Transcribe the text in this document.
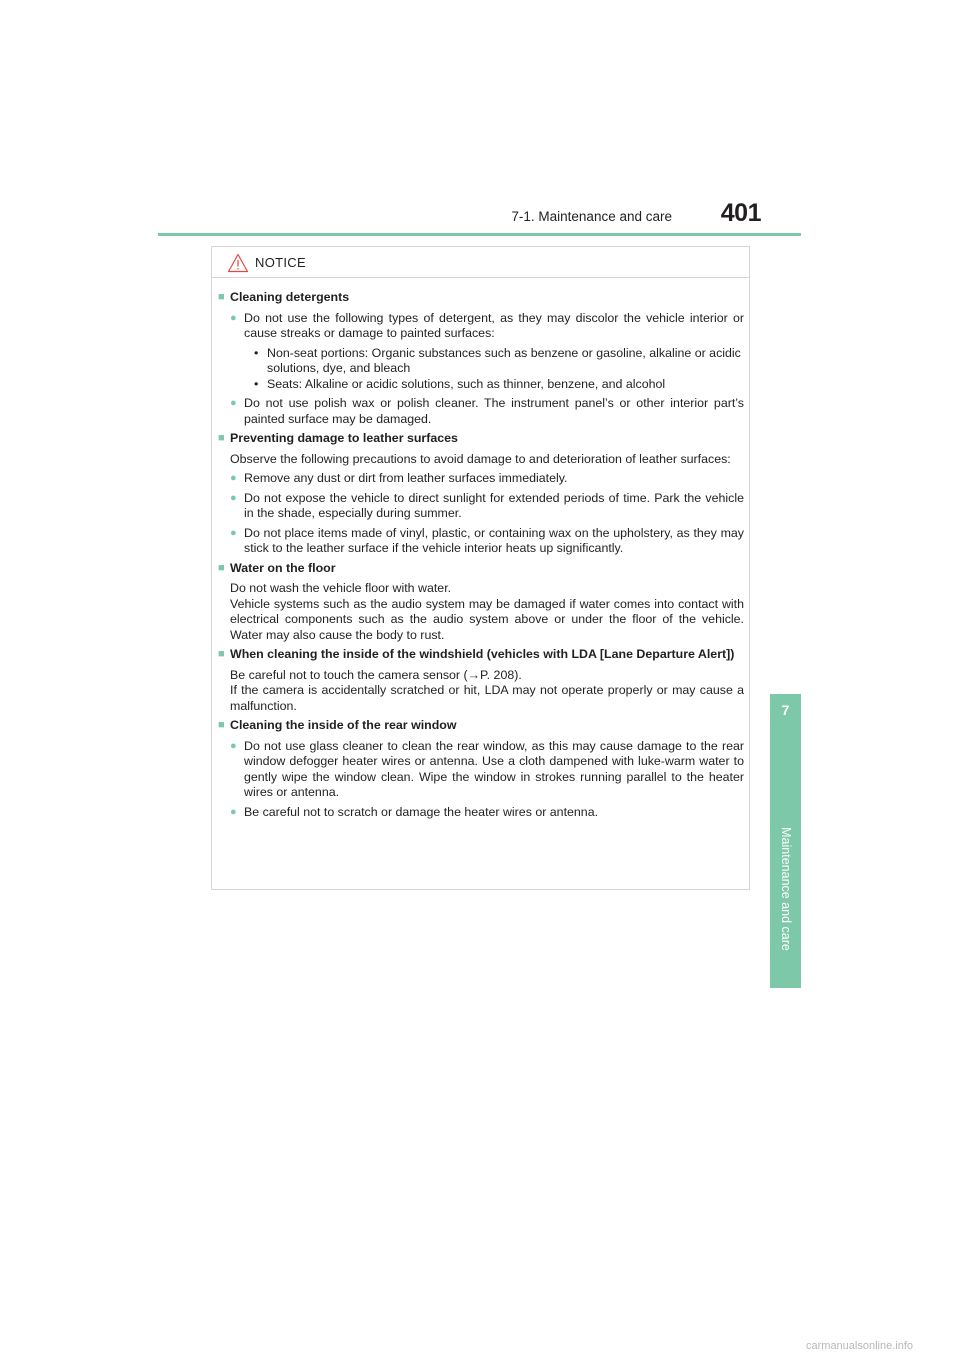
7-1. Maintenance and care	401
7
Maintenance and care
NOTICE
■ Cleaning detergents
● Do not use the following types of detergent, as they may discolor the vehicle interior or cause streaks or damage to painted surfaces:
• Non-seat portions: Organic substances such as benzene or gasoline, alkaline or acidic solutions, dye, and bleach
• Seats: Alkaline or acidic solutions, such as thinner, benzene, and alcohol
● Do not use polish wax or polish cleaner. The instrument panel’s or other interior part’s painted surface may be damaged.
■ Preventing damage to leather surfaces
Observe the following precautions to avoid damage to and deterioration of leather surfaces:
● Remove any dust or dirt from leather surfaces immediately.
● Do not expose the vehicle to direct sunlight for extended periods of time. Park the vehicle in the shade, especially during summer.
● Do not place items made of vinyl, plastic, or containing wax on the upholstery, as they may stick to the leather surface if the vehicle interior heats up significantly.
■ Water on the floor
Do not wash the vehicle floor with water.
Vehicle systems such as the audio system may be damaged if water comes into contact with electrical components such as the audio system above or under the floor of the vehicle. Water may also cause the body to rust.
■ When cleaning the inside of the windshield (vehicles with LDA [Lane Departure Alert])
Be careful not to touch the camera sensor (→P. 208).
If the camera is accidentally scratched or hit, LDA may not operate properly or may cause a malfunction.
■ Cleaning the inside of the rear window
● Do not use glass cleaner to clean the rear window, as this may cause damage to the rear window defogger heater wires or antenna. Use a cloth dampened with luke-warm water to gently wipe the window clean. Wipe the window in strokes running parallel to the heater wires or antenna.
● Be careful not to scratch or damage the heater wires or antenna.
carmanualsonline.info
